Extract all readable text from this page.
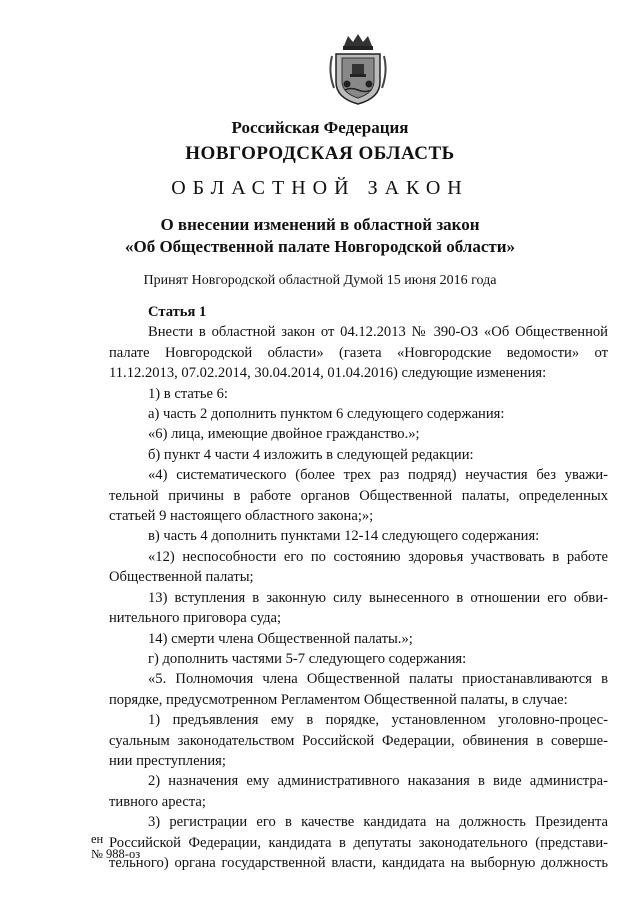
Российская Федерация
НОВГОРОДСКАЯ ОБЛАСТЬ
ОБЛАСТНОЙ ЗАКОН
О внесении изменений в областной закон
«Об Общественной палате Новгородской области»
Принят Новгородской областной Думой 15 июня 2016 года

Статья 1

Внести в областной закон от 04.12.2013 № 390-ОЗ «Об Общественной

палате Новгородской области» (газета «Новгородские ведомости» от

11.12.2013, 07.02.2014, 30.04.2014, 01.04.2016) следующие изменения:

1) в статье 6:

а) часть 2 дополнить пунктом 6 следующего содержания:

«6) лица, имеющие двойное гражданство.»;

б) пункт 4 части 4 изложить в следующей редакции:

«4) систематического (более трех раз подряд) неучастия без уважи-

тельной причины в работе органов Общественной палаты, определенных

статьей 9 настоящего областного закона;»;

в) часть 4 дополнить пунктами 12-14 следующего содержания:

«12) неспособности его по состоянию здоровья участвовать в работе

Общественной палаты;

13) вступления в законную силу вынесенного в отношении его обви-

нительного приговора суда;

14) смерти члена Общественной палаты.»;

г) дополнить частями 5-7 следующего содержания:

«5. Полномочия члена Общественной палаты приостанавливаются в

порядке, предусмотренном Регламентом Общественной палаты, в случае:

1) предъявления ему в порядке, установленном уголовно-процес-

суальным законодательством Российской Федерации, обвинения в соверше-

нии преступления;

2) назначения ему административного наказания в виде администра-

тивного ареста;

3) регистрации его в качестве кандидата на должность Президента

Российской Федерации, кандидата в депутаты законодательного (представи-

тельного) органа государственной власти, кандидата на выборную должность

ен
№ 988-оз
